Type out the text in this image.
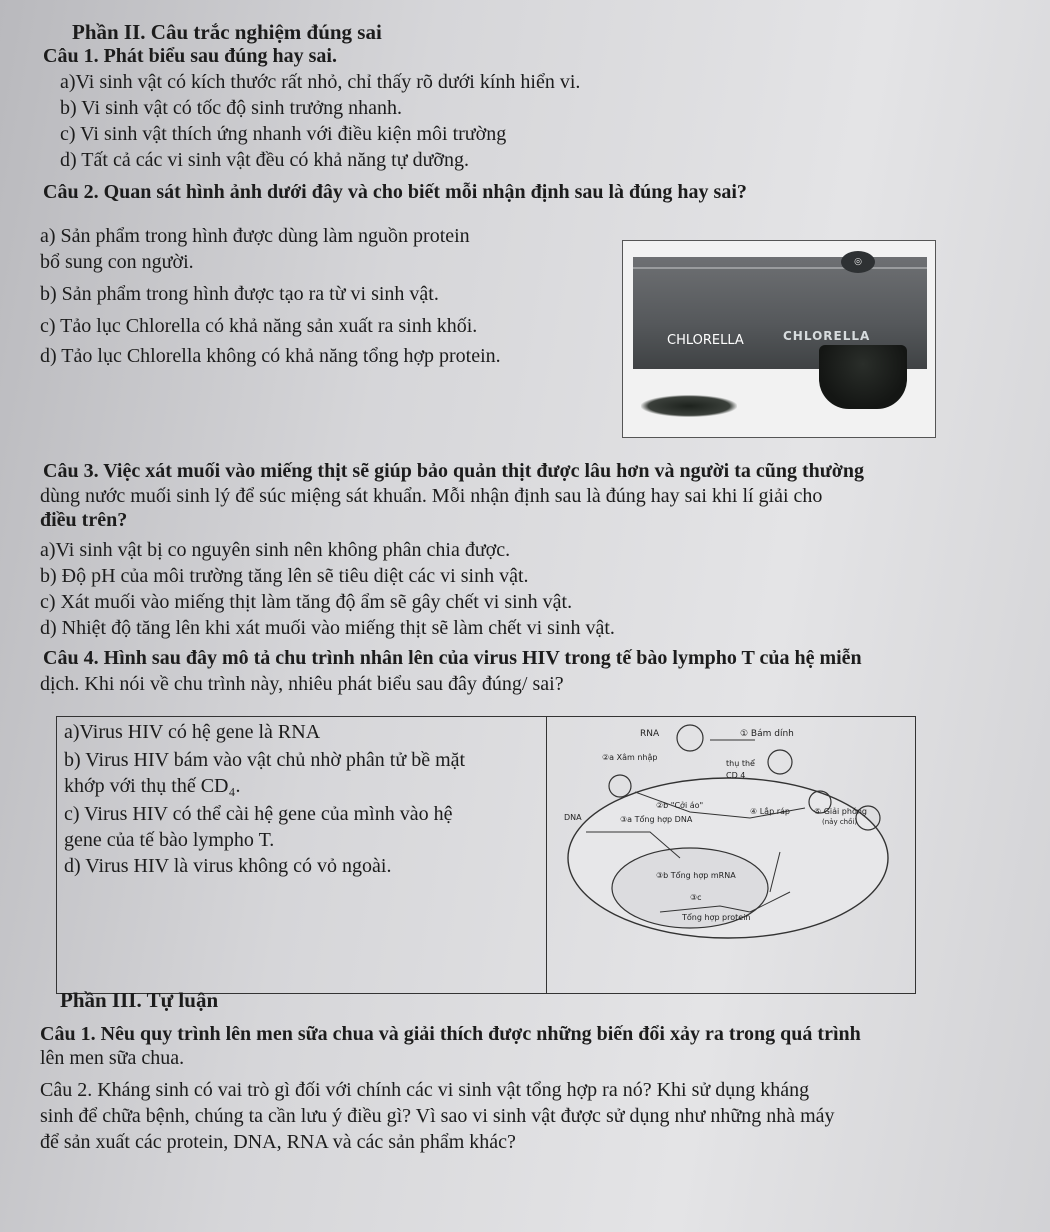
Phần II. Câu trắc nghiệm đúng sai
Câu 1. Phát biểu sau đúng hay sai.
a)Vi sinh vật có kích thước rất nhỏ, chỉ thấy rõ dưới kính hiển vi.
b) Vi sinh vật có tốc độ sinh trưởng nhanh.
c) Vi sinh vật thích ứng nhanh với điều kiện môi trường
d) Tất cả các vi sinh vật đều có khả năng tự dưỡng.
Câu 2. Quan sát hình ảnh dưới đây và cho biết mỗi nhận định sau là đúng hay sai?
a) Sản phẩm trong hình được dùng làm nguồn protein
bổ sung con người.
b) Sản phẩm trong hình được tạo ra từ vi sinh vật.
c) Tảo lục Chlorella có khả năng sản xuất ra sinh khối.
d) Tảo lục Chlorella không có khả năng tổng hợp protein.
◎
CHLORELLA	CHLORELLA
Câu 3. Việc xát muối vào miếng thịt sẽ giúp bảo quản thịt được lâu hơn và người ta cũng thường
dùng nước muối sinh lý để súc miệng sát khuẩn. Mỗi nhận định sau là đúng hay sai khi lí giải cho
điều trên?
a)Vi sinh vật bị co nguyên sinh nên không phân chia được.
b) Độ pH của môi trường tăng lên sẽ tiêu diệt các vi sinh vật.
c) Xát muối vào miếng thịt làm tăng độ ẩm sẽ gây chết vi sinh vật.
d) Nhiệt độ tăng lên khi xát muối vào miếng thịt sẽ làm chết vi sinh vật.
Câu 4. Hình sau đây mô tả chu trình nhân lên của virus HIV trong tế bào lympho T của hệ miễn
dịch. Khi nói về chu trình này, nhiêu phát biểu sau đây đúng/ sai?
a)Virus HIV có hệ gene là RNA
b) Virus HIV bám vào vật chủ nhờ phân tử bề mặt
khớp với thụ thế CD₄.
c) Virus HIV có thể cài hệ gene của mình vào hệ
gene của tế bào lympho T.
d) Virus HIV là virus không có vỏ ngoài.
RNA	① Bám dính
②a Xâm nhập
thụ thể
CD 4
②b "Cởi áo"
④ Lắp ráp	⑤ Giải phóng
(nảy chồi)
DNA	③a Tổng hợp DNA
③b Tổng hợp mRNA
③c
Tổng hợp protein
Phần III. Tự luận
Câu 1. Nêu quy trình lên men sữa chua và giải thích được những biến đổi xảy ra trong quá trình
lên men sữa chua.
Câu 2. Kháng sinh có vai trò gì đối với chính các vi sinh vật tổng hợp ra nó? Khi sử dụng kháng
sinh để chữa bệnh, chúng ta cần lưu ý điều gì? Vì sao vi sinh vật được sử dụng như những nhà máy
để sản xuất các protein, DNA, RNA và các sản phẩm khác?
